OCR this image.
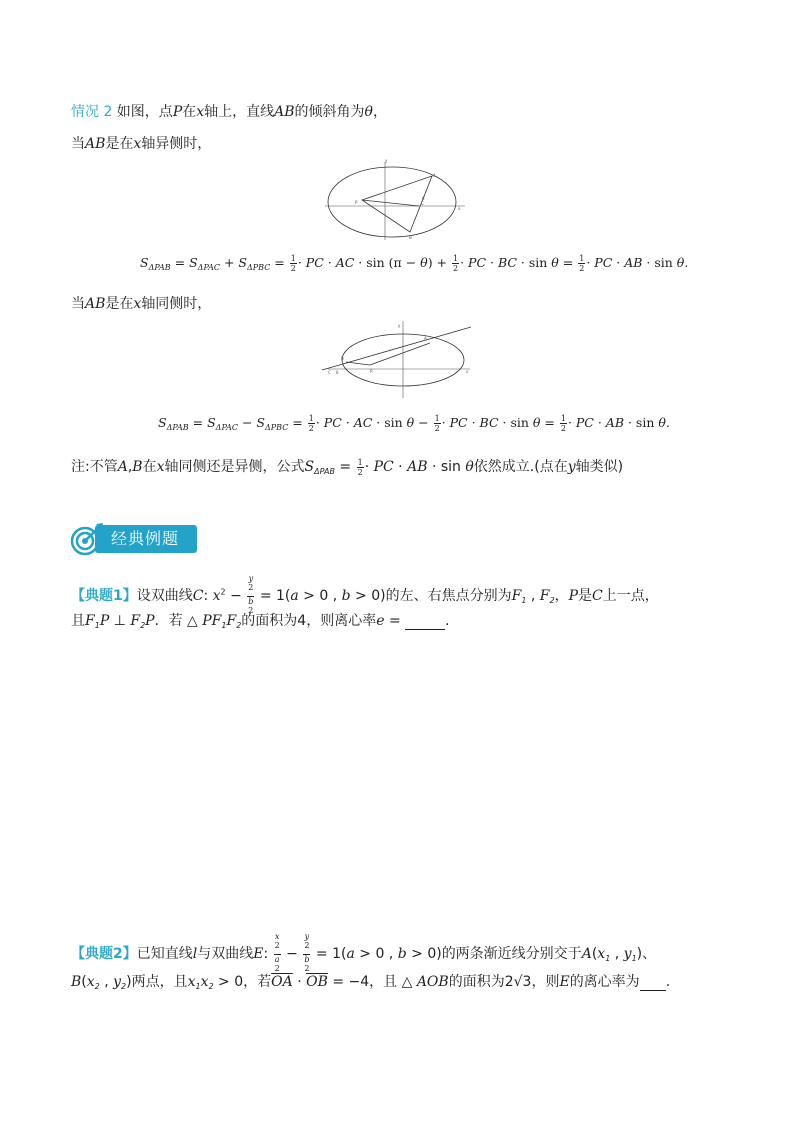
情况 2 如图，点P在x轴上，直线AB的倾斜角为θ，
当AB是在x轴异侧时，
y
x
A
B
C
P
θ
$S_{\Delta PAB} = S_{\Delta PAC} + S_{\Delta PBC} = \frac{1}{2}$ · PC · AC · $\sin (\pi - \theta) + \frac{1}{2}$ · PC · BC · $\sin \theta = \frac{1}{2}$ · PC · AB · sin θ.
当AB是在x轴同侧时，
y
x
A
B
C	P
θ
$S_{\Delta PAB} = S_{\Delta PAC} - S_{\Delta PBC} = \frac{1}{2}$ · PC · AC · $\sin \theta - \frac{1}{2}$ · PC · BC · $\sin \theta = \frac{1}{2}$ · PC · AB · sin θ.
注:不管A,B在x轴同侧还是异侧，公式$S_{\Delta PAB} = \frac{1}{2}$ · PC · AB · sin θ依然成立.(点在y轴类似)
经典例题
【典题1】设双曲线C: $x^2 - y$
$^2$
b
$^2$ = 1(a > 0 , b > 0)的左、右焦点分别为$F_1$ , $F_2$，P是C上一点，
且$F_1P$ ⊥ $F_2P$．若 △ $PF_1F_2$的面积为4，则离心率e =	.
【典题2】已知直线l与双曲线E: x
$^2$
a
$^2$ − y
$^2$
b
$^2$ = 1(a > 0 , b > 0)的两条渐近线分别交于$A(x_1$ , $y_1$)、
$B(x_2$ , $y_2$)两点，且$x_1x_2 > 0$，若$\overline{OA} \cdot \overline{OB} = -4$，且 △ AOB的面积为2√3，则E的离心率为 .
